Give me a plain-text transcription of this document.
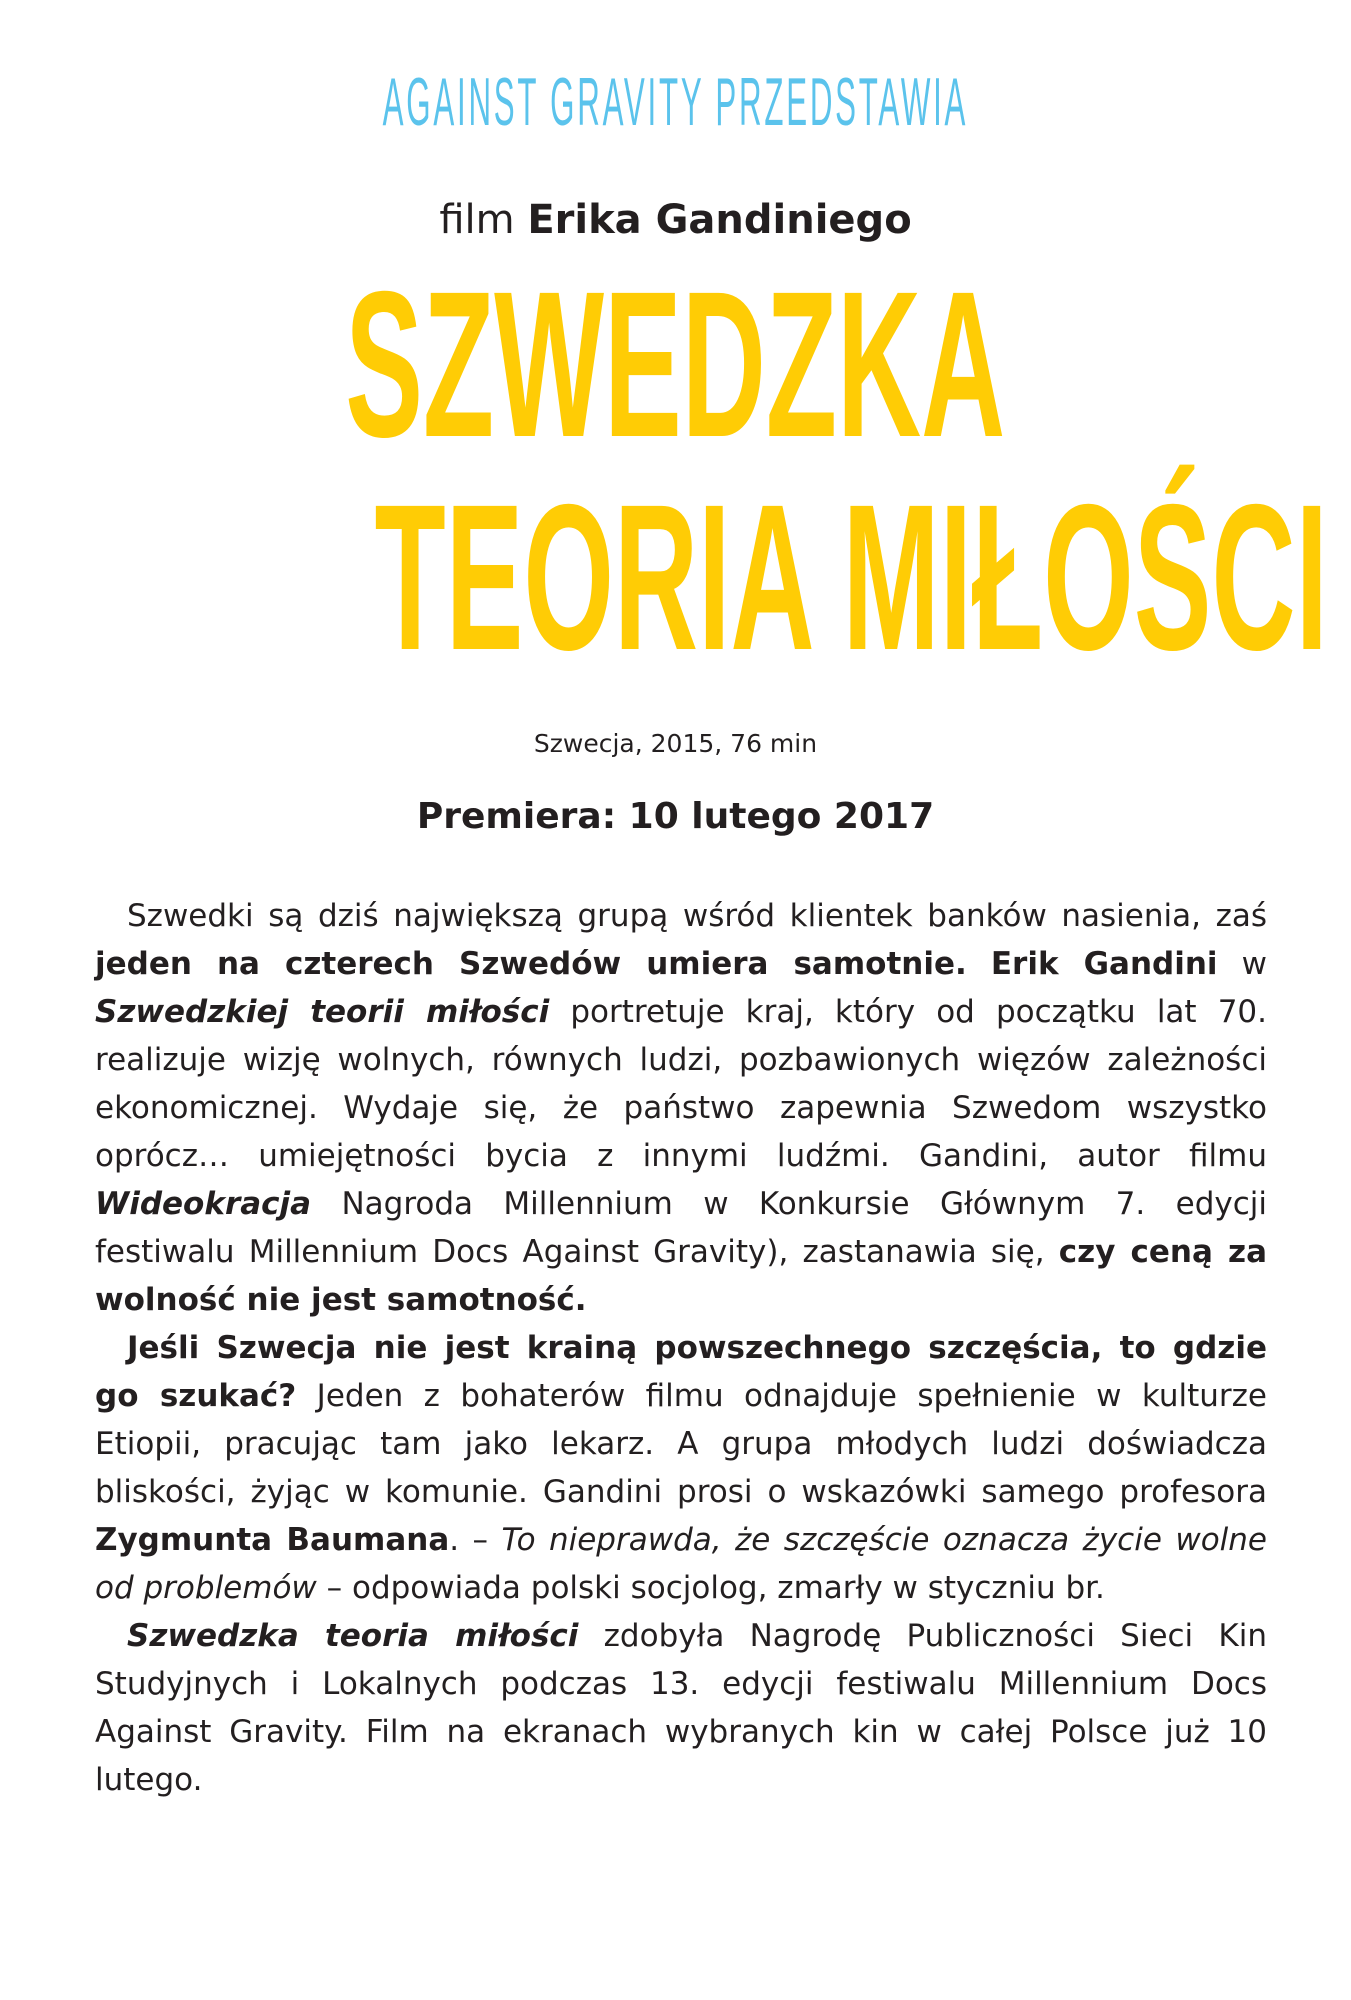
AGAINST GRAVITY PRZEDSTAWIA
film Erika Gandiniego
SZWEDZKA
TEORIA MIŁOŚCI
Szwecja, 2015, 76 min
Premiera: 10 lutego 2017

Szwedki są dziś największą grupą wśród klientek banków nasienia, zaś jeden na czterech Szwedów umiera samotnie. Erik Gandini w Szwedzkiej teorii miłości portretuje kraj, który od początku lat 70. realizuje wizję wolnych, równych ludzi, pozbawionych więzów zależności ekonomicznej. Wydaje się, że państwo zapewnia Szwedom wszystko oprócz… umiejętności bycia z innymi ludźmi. Gandini, autor filmu Wideokracja Nagroda Millennium w Konkursie Głównym 7. edycji festiwalu Millennium Docs Against Gravity), zastanawia się, czy ceną za wolność nie jest samotność.

Jeśli Szwecja nie jest krainą powszechnego szczęścia, to gdzie go szukać? Jeden z bohaterów filmu odnajduje spełnienie w kulturze Etiopii, pracując tam jako lekarz. A grupa młodych ludzi doświadcza bliskości, żyjąc w komunie. Gandini prosi o wskazówki samego profesora Zygmunta Baumana. – To nieprawda, że szczęście oznacza życie wolne od problemów – odpowiada polski socjolog, zmarły w styczniu br.

Szwedzka teoria miłości zdobyła Nagrodę Publiczności Sieci Kin Studyjnych i Lokalnych podczas 13. edycji festiwalu Millennium Docs Against Gravity. Film na ekranach wybranych kin w całej Polsce już 10 lutego.
